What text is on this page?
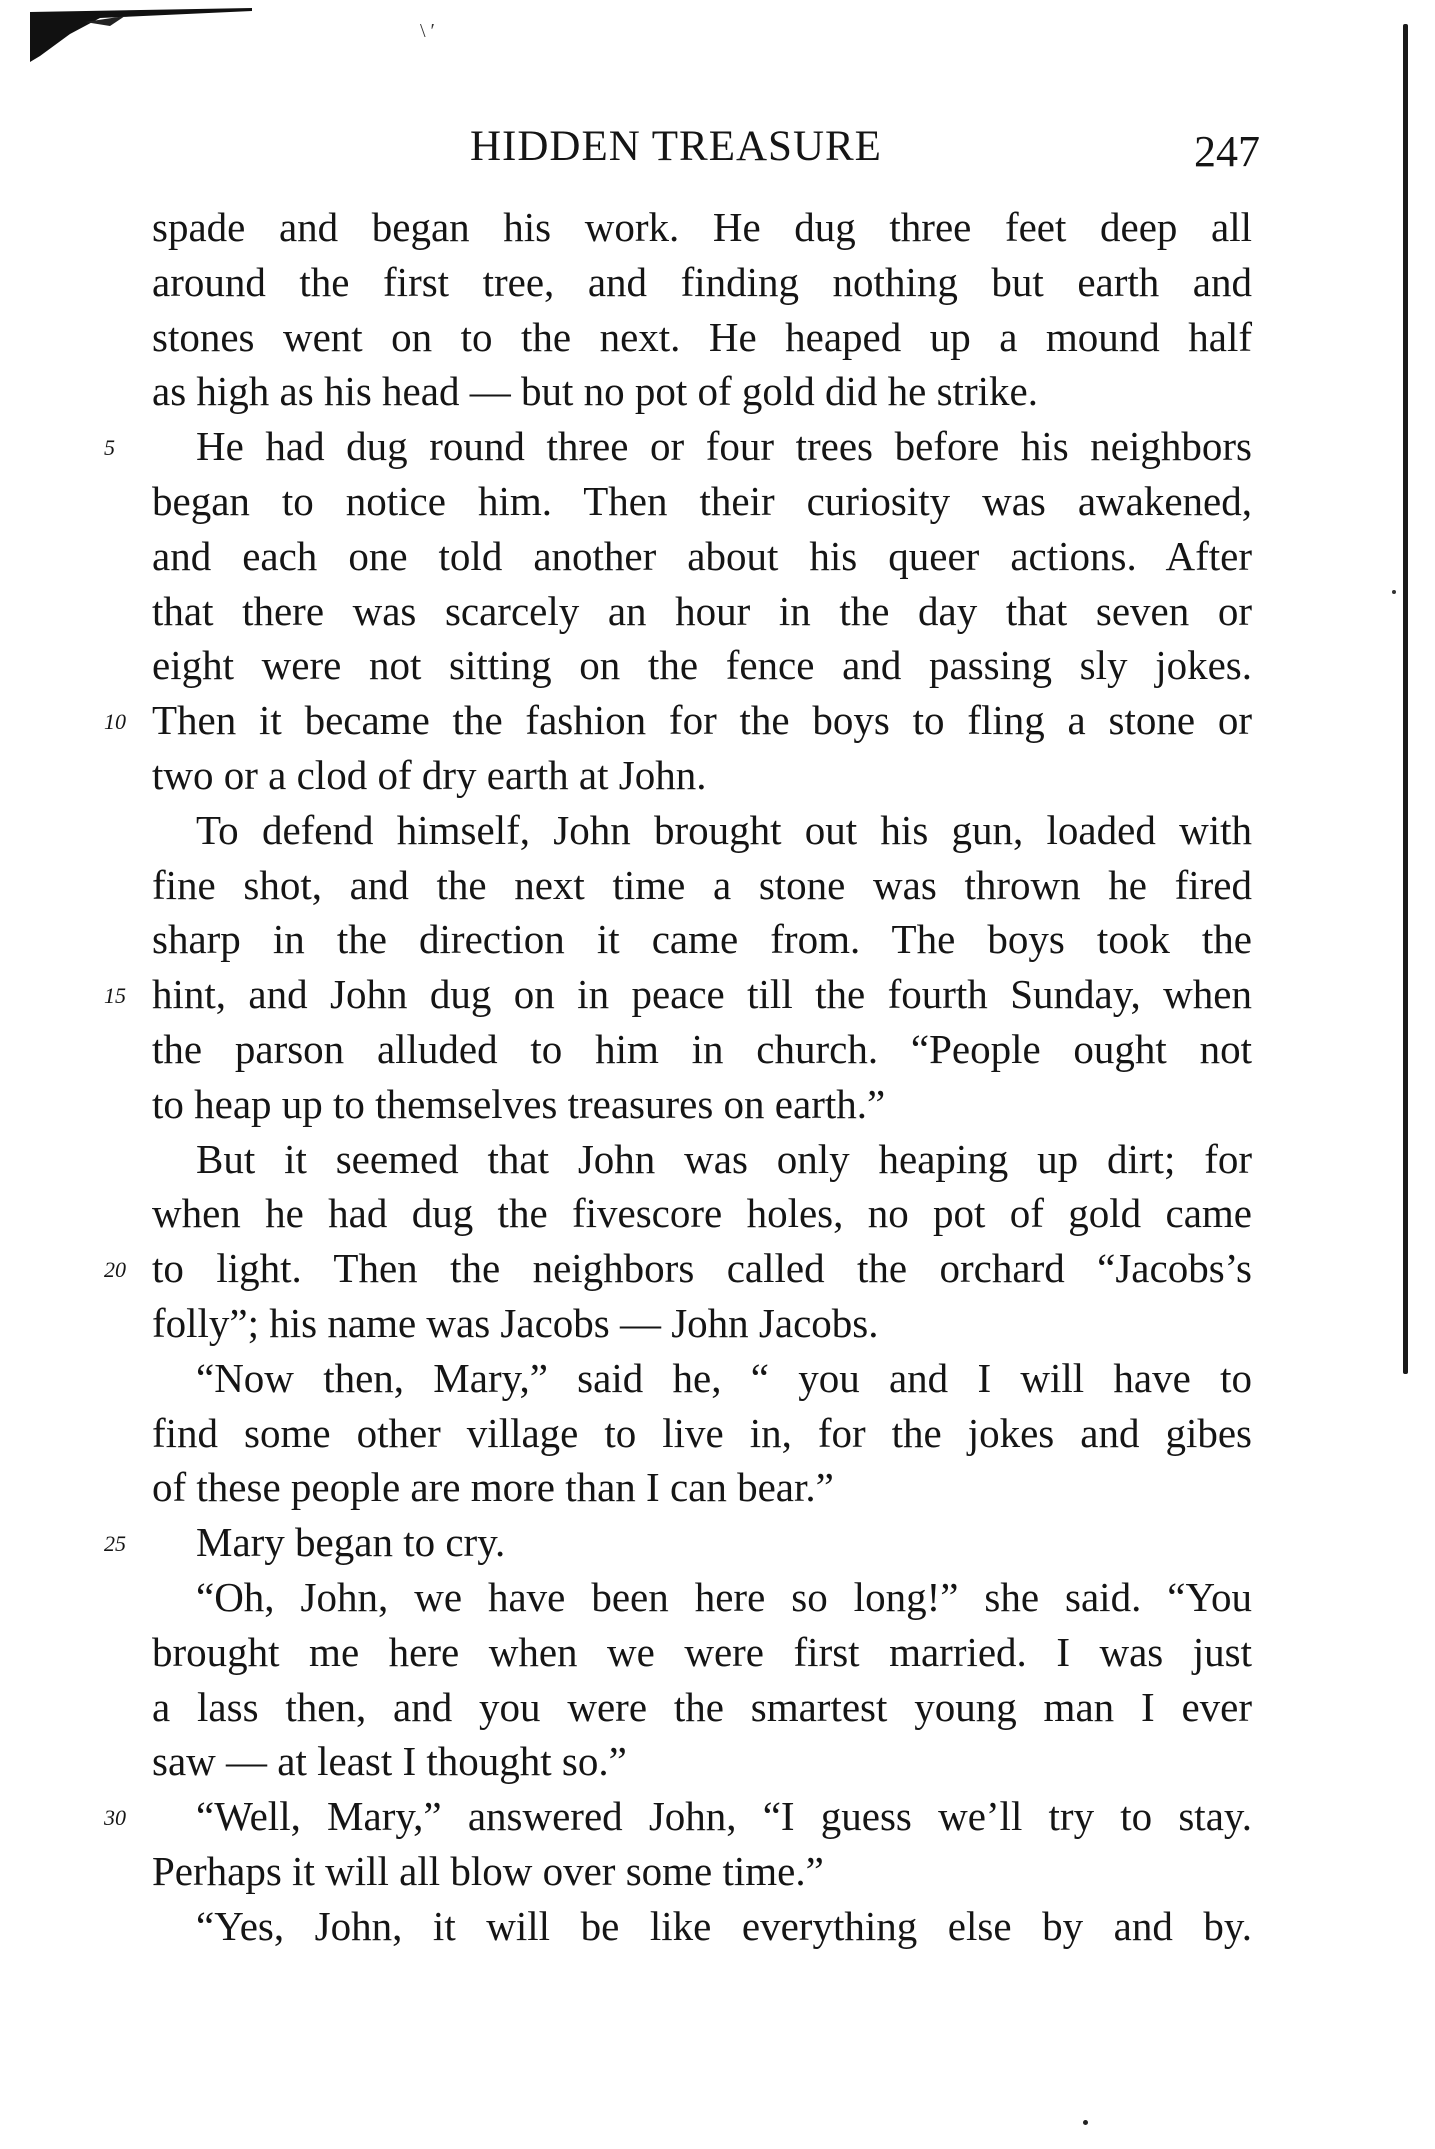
\ ′
HIDDEN TREASURE	247
spade and began his work. He dug three feet deep all
around the first tree, and finding nothing but earth and
stones went on to the next. He heaped up a mound half
as high as his head — but no pot of gold did he strike.
5	He had dug round three or four trees before his neighbors
began to notice him. Then their curiosity was awakened,
and each one told another about his queer actions. After
that there was scarcely an hour in the day that seven or
eight were not sitting on the fence and passing sly jokes.
10 Then it became the fashion for the boys to fling a stone or
two or a clod of dry earth at John.
To defend himself, John brought out his gun, loaded with
fine shot, and the next time a stone was thrown he fired
sharp in the direction it came from. The boys took the
15 hint, and John dug on in peace till the fourth Sunday, when
the parson alluded to him in church. “People ought not
to heap up to themselves treasures on earth.”
But it seemed that John was only heaping up dirt; for
when he had dug the fivescore holes, no pot of gold came
20 to light. Then the neighbors called the orchard “Jacobs’s
folly”; his name was Jacobs — John Jacobs.
“Now then, Mary,” said he, “ you and I will have to
find some other village to live in, for the jokes and gibes
of these people are more than I can bear.”
25 Mary began to cry.
“Oh, John, we have been here so long!” she said. “You
brought me here when we were first married. I was just
a lass then, and you were the smartest young man I ever
saw — at least I thought so.”
30 “Well, Mary,” answered John, “I guess we’ll try to stay.
Perhaps it will all blow over some time.”
“Yes, John, it will be like everything else by and by.
